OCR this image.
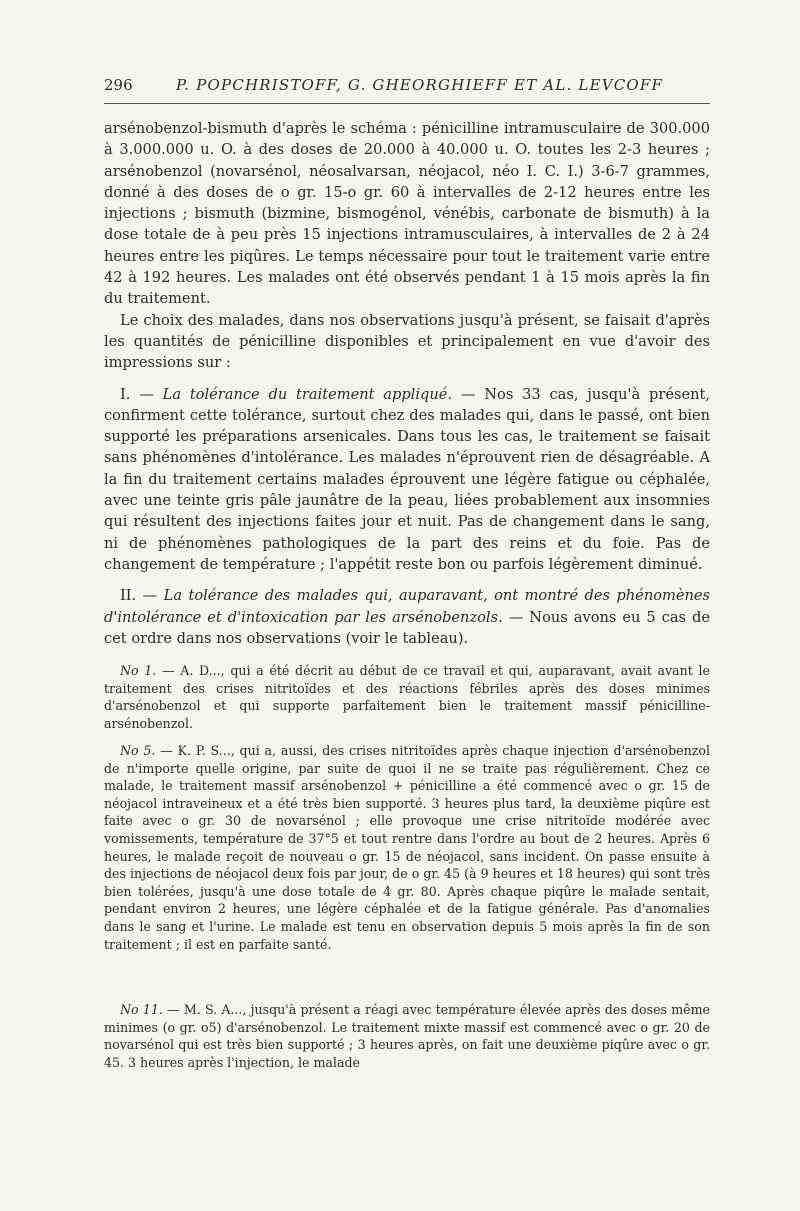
296	P. POPCHRISTOFF, G. GHEORGHIEFF ET AL. LEVCOFF

arsénobenzol-bismuth d'après le schéma : pénicilline intramusculaire de 300.000 à 3.000.000 u. O. à des doses de 20.000 à 40.000 u. O. toutes les 2-3 heures ; arsénobenzol (novarsénol, néosalvarsan, néojacol, néo I. C. I.) 3-6-7 grammes, donné à des doses de o gr. 15-o gr. 60 à intervalles de 2-12 heures entre les injections ; bismuth (bizmine, bismogénol, vénébis, carbonate de bismuth) à la dose totale de à peu près 15 injections intramusculaires, à intervalles de 2 à 24 heures entre les piqûres. Le temps nécessaire pour tout le traitement varie entre 42 à 192 heures. Les malades ont été observés pendant 1 à 15 mois après la fin du traitement.

Le choix des malades, dans nos observations jusqu'à présent, se faisait d'après les quantités de pénicilline disponibles et principalement en vue d'avoir des impressions sur :

I. — La tolérance du traitement appliqué. — Nos 33 cas, jusqu'à présent, confirment cette tolérance, surtout chez des malades qui, dans le passé, ont bien supporté les préparations arsenicales. Dans tous les cas, le traitement se faisait sans phénomènes d'intolérance. Les malades n'éprouvent rien de désagréable. A la fin du traitement certains malades éprouvent une légère fatigue ou céphalée, avec une teinte gris pâle jaunâtre de la peau, liées probablement aux insomnies qui résultent des injections faites jour et nuit. Pas de changement dans le sang, ni de phénomènes pathologiques de la part des reins et du foie. Pas de changement de température ; l'appétit reste bon ou parfois légèrement diminué.

II. — La tolérance des malades qui, auparavant, ont montré des phénomènes d'intolérance et d'intoxication par les arsénobenzols. — Nous avons eu 5 cas de cet ordre dans nos observations (voir le tableau).

No 1. — A. D..., qui a été décrit au début de ce travail et qui, auparavant, avait avant le traitement des crises nitritoïdes et des réactions fébriles après des doses minimes d'arsénobenzol et qui supporte parfaitement bien le traitement massif pénicilline-arsénobenzol.

No 5. — K. P. S..., qui a, aussi, des crises nitritoïdes après chaque injection d'arsénobenzol de n'importe quelle origine, par suite de quoi il ne se traite pas régulièrement. Chez ce malade, le traitement massif arsénobenzol + pénicilline a été commencé avec o gr. 15 de néojacol intraveineux et a été très bien supporté. 3 heures plus tard, la deuxième piqûre est faite avec o gr. 30 de novarsénol ; elle provoque une crise nitritoïde modérée avec vomissements, température de 37°5 et tout rentre dans l'ordre au bout de 2 heures. Après 6 heures, le malade reçoit de nouveau o gr. 15 de néojacol, sans incident. On passe ensuite à des injections de néojacol deux fois par jour, de o gr. 45 (à 9 heures et 18 heures) qui sont très bien tolérées, jusqu'à une dose totale de 4 gr. 80. Après chaque piqûre le malade sentait, pendant environ 2 heures, une légère céphalée et de la fatigue générale. Pas d'anomalies dans le sang et l'urine. Le malade est tenu en observation depuis 5 mois après la fin de son traitement ; il est en parfaite santé.

No 11. — M. S. A..., jusqu'à présent a réagi avec température élevée après des doses même minimes (o gr. o5) d'arsénobenzol. Le traitement mixte massif est commencé avec o gr. 20 de novarsénol qui est très bien supporté ; 3 heures après, on fait une deuxième piqûre avec o gr. 45. 3 heures après l'injection, le malade
